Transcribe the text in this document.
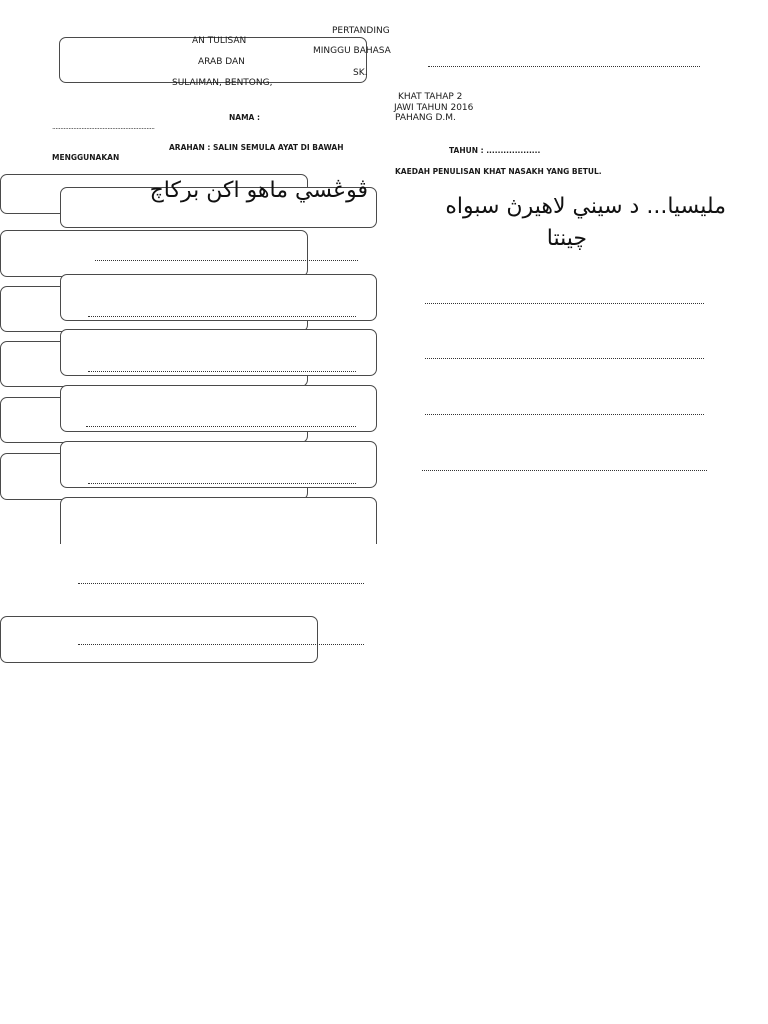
PERTANDING
AN TULISAN
MINGGU BAHASA
ARAB DAN
SK.
SULAIMAN, BENTONG,
KHAT TAHAP 2
JAWI TAHUN 2016
PAHANG D.M.
NAMA :
...............................................................
TAHUN : ...................
ARAHAN : SALIN SEMULA AYAT DI BAWAH
MENGGUNAKAN
KAEDAH PENULISAN KHAT NASAKH YANG BETUL.
ڤوڠسي ماهو اكن بركاچ
مليسيا... د سيني لاهيرڽ سبواه
چينتا
